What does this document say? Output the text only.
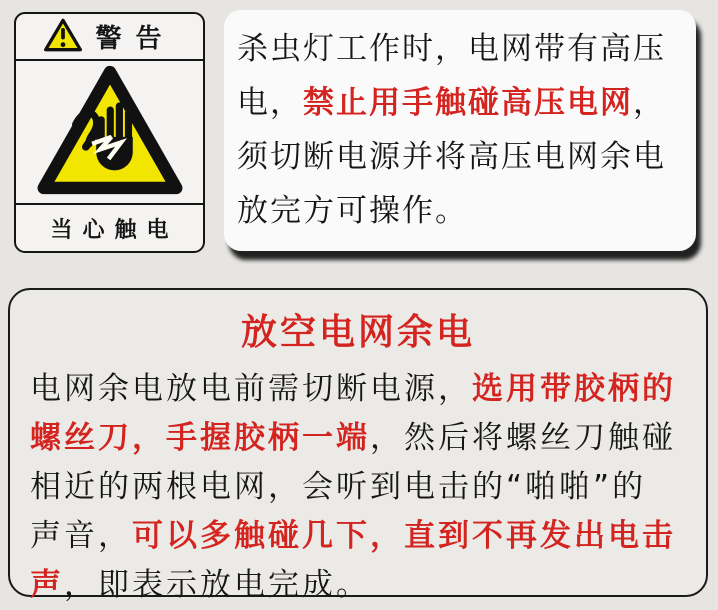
警告
当心触电
杀虫灯工作时，电网带有高压
电，禁止用手触碰高压电网，
须切断电源并将高压电网余电
放完方可操作。
放空电网余电
电网余电放电前需切断电源，选用带胶柄的
螺丝刀，手握胶柄一端，然后将螺丝刀触碰
相近的两根电网，会听到电击的“啪啪”的
声音，可以多触碰几下，直到不再发出电击
声，即表示放电完成。
